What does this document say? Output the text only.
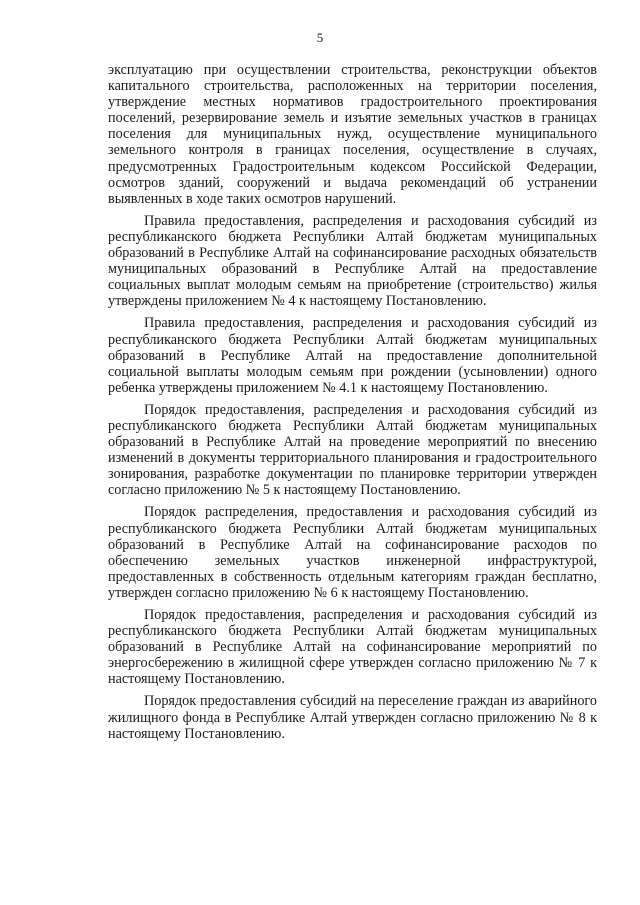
5

эксплуатацию при осуществлении строительства, реконструкции объектов капитального строительства, расположенных на территории поселения, утверждение местных нормативов градостроительного проектирования поселений, резервирование земель и изъятие земельных участков в границах поселения для муниципальных нужд, осуществление муниципального земельного контроля в границах поселения, осуществление в случаях, предусмотренных Градостроительным кодексом Российской Федерации, осмотров зданий, сооружений и выдача рекомендаций об устранении выявленных в ходе таких осмотров нарушений.

Правила предоставления, распределения и расходования субсидий из республиканского бюджета Республики Алтай бюджетам муниципальных образований в Республике Алтай на софинансирование расходных обязательств муниципальных образований в Республике Алтай на предоставление социальных выплат молодым семьям на приобретение (строительство) жилья утверждены приложением № 4 к настоящему Постановлению.

Правила предоставления, распределения и расходования субсидий из республиканского бюджета Республики Алтай бюджетам муниципальных образований в Республике Алтай на предоставление дополнительной социальной выплаты молодым семьям при рождении (усыновлении) одного ребенка утверждены приложением № 4.1 к настоящему Постановлению.

Порядок предоставления, распределения и расходования субсидий из республиканского бюджета Республики Алтай бюджетам муниципальных образований в Республике Алтай на проведение мероприятий по внесению изменений в документы территориального планирования и градостроительного зонирования, разработке документации по планировке территории утвержден согласно приложению № 5 к настоящему Постановлению.

Порядок распределения, предоставления и расходования субсидий из республиканского бюджета Республики Алтай бюджетам муниципальных образований в Республике Алтай на софинансирование расходов по обеспечению земельных участков инженерной инфраструктурой, предоставленных в собственность отдельным категориям граждан бесплатно, утвержден согласно приложению № 6 к настоящему Постановлению.

Порядок предоставления, распределения и расходования субсидий из республиканского бюджета Республики Алтай бюджетам муниципальных образований в Республике Алтай на софинансирование мероприятий по энергосбережению в жилищной сфере утвержден согласно приложению № 7 к настоящему Постановлению.

Порядок предоставления субсидий на переселение граждан из аварийного жилищного фонда в Республике Алтай утвержден согласно приложению № 8 к настоящему Постановлению.
